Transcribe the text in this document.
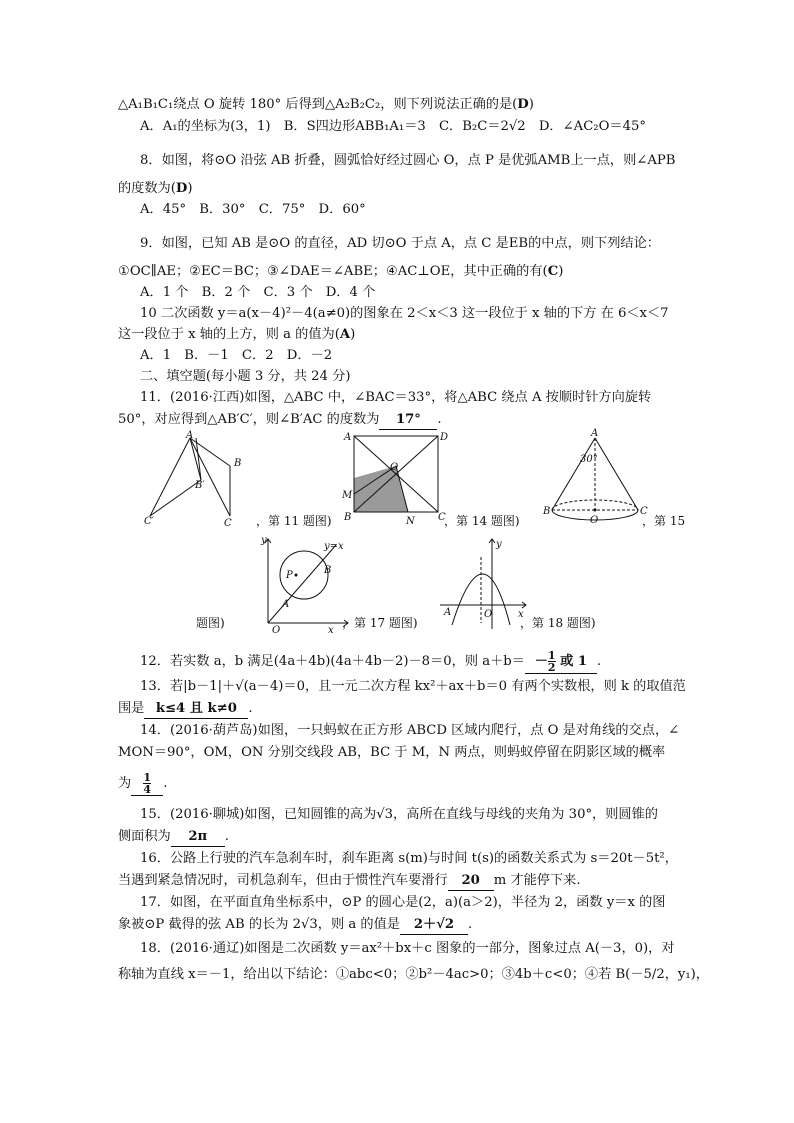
△A₁B₁C₁绕点 O 旋转 180° 后得到△A₂B₂C₂，则下列说法正确的是(D)
A．A₁的坐标为(3，1)　B．S四边形ABB₁A₁＝3　C．B₂C＝2√2　D．∠AC₂O＝45°
8．如图，将⊙O 沿弦 AB 折叠，圆弧恰好经过圆心 O，点 P 是优弧AMB上一点，则∠APB
的度数为(D)
A．45°　B．30°　C．75°　D．60°
9．如图，已知 AB 是⊙O 的直径，AD 切⊙O 于点 A，点 C 是EB的中点，则下列结论：
①OC∥AE；②EC＝BC；③∠DAE＝∠ABE；④AC⊥OE，其中正确的有(C)
A．1 个　B．2 个　C．3 个　D．4 个
10 二次函数 y＝a(x－4)²－4(a≠0)的图象在 2＜x＜3 这一段位于 x 轴的下方 在 6＜x＜7
这一段位于 x 轴的上方，则 a 的值为(A)
A．1　B．－1　C．2　D．－2
二、填空题(每小题 3 分，共 24 分)
11．(2016·江西)如图，△ABC 中，∠BAC＝33°，将△ABC 绕点 A 按顺时针方向旋转
50°，对应得到△AB′C′，则∠B′AC 的度数为 17° .
A
B
B′
C′	C ，第 11 题图)
A	D
O
M
B	N C
，第 14 题图)
A
30°
B
O
C
，第 15
题图)
y
y=x
P	B
A
O	x
，第 17 题图)
y
A	O	x
，第 18 题图)
12．若实数 a，b 满足(4a＋4b)(4a＋4b－2)－8＝0，则 $a+b= - \frac{1}{2}$ 或 1 .
13．若|b－1|＋√(a－4)＝0，且一元二次方程 kx²＋ax＋b＝0 有两个实数根，则 k 的取值范
围是 k≤4 且 k≠0 .
14．(2016·葫芦岛)如图，一只蚂蚁在正方形 ABCD 区域内爬行，点 O 是对角线的交点，∠
MON＝90°，OM，ON 分别交线段 AB，BC 于 M，N 两点，则蚂蚁停留在阴影区域的概率
为 $\frac{1}{4}$ .
15．(2016·聊城)如图，已知圆锥的高为√3，高所在直线与母线的夹角为 30°，则圆锥的
侧面积为 2π .
16．公路上行驶的汽车急刹车时，刹车距离 s(m)与时间 t(s)的函数关系式为 s＝20t－5t²，
当遇到紧急情况时，司机急刹车，但由于惯性汽车要滑行 20 m 才能停下来.
17．如图，在平面直角坐标系中，⊙P 的圆心是(2，a)(a＞2)，半径为 2，函数 y＝x 的图
象被⊙P 截得的弦 AB 的长为 2√3，则 a 的值是 2＋√2 .
18．(2016·通辽)如图是二次函数 y＝ax²＋bx＋c 图象的一部分，图象过点 A(－3，0)，对
称轴为直线 x＝－1，给出以下结论：①abc<0；②b²－4ac>0；③4b＋c<0；④若 B(－5/2，y₁)，
